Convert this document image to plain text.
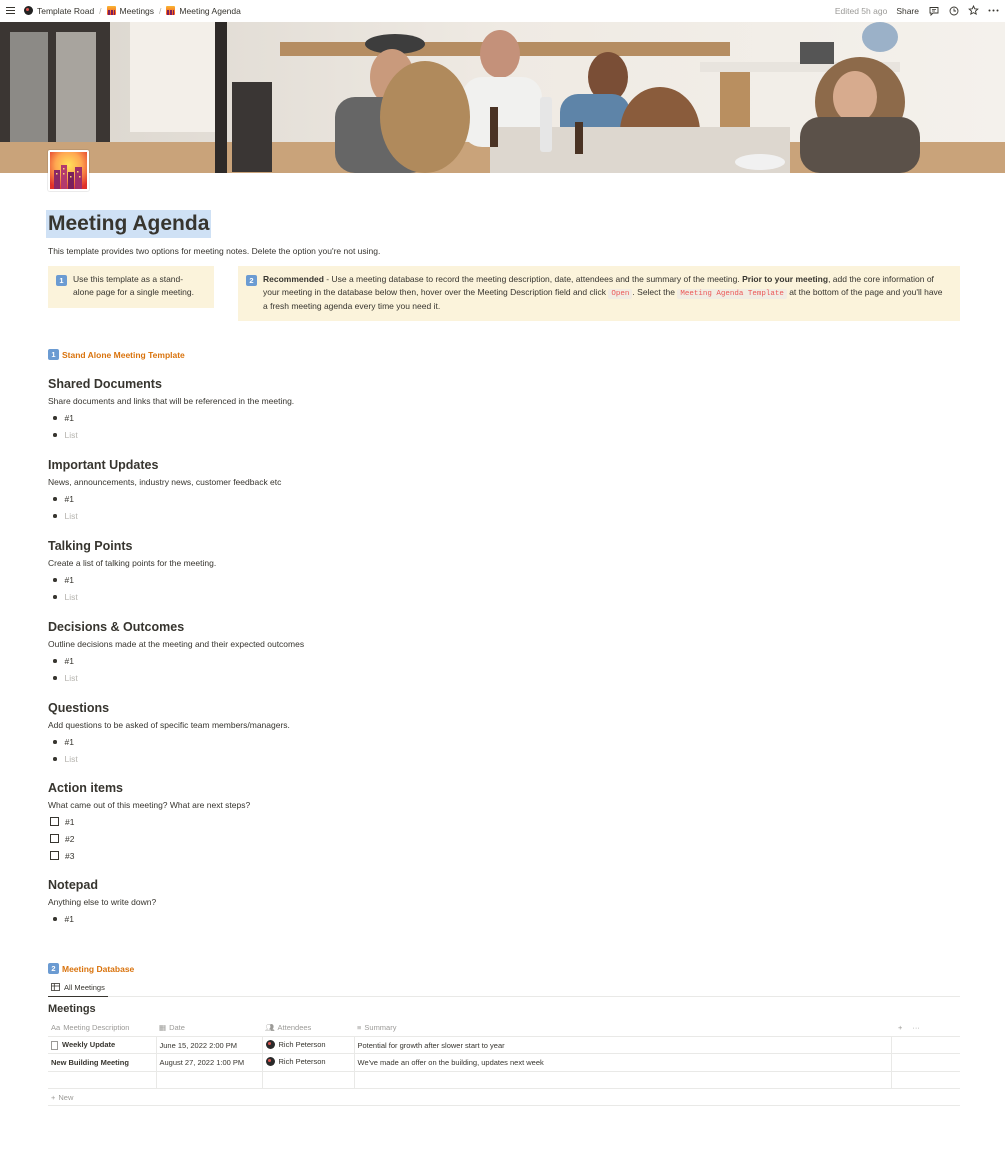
Template Road / Meetings / Meeting Agenda	Edited 5h ago Share
Meeting Agenda
This template provides two options for meeting notes. Delete the option you're not using.
1	Use this template as a stand-alone page for a single meeting.
2	Recommended - Use a meeting database to record the meeting description, date, attendees and the summary of the meeting. Prior to your meeting, add the core information of your meeting in the database below then, hover over the Meeting Description field and click Open . Select the Meeting Agenda Template at the bottom of the page and you'll have a fresh meeting agenda every time you need it.
1 Stand Alone Meeting Template
Shared Documents
Share documents and links that will be referenced in the meeting.
#1
List
Important Updates
News, announcements, industry news, customer feedback etc
#1
List
Talking Points
Create a list of talking points for the meeting.
#1
List
Decisions & Outcomes
Outline decisions made at the meeting and their expected outcomes
#1
List
Questions
Add questions to be asked of specific team members/managers.
#1
List
Action items
What came out of this meeting? What are next steps?
#1
#2
#3
Notepad
Anything else to write down?
#1
2 Meeting Database
All Meetings
Meetings
Aa Meeting Description	▦ Date	👥︎ Attendees	≡ Summary	+ ···
Weekly Update	June 15, 2022 2:00 PM	Rich Peterson	Potential for growth after slower start to year	
New Building Meeting	August 27, 2022 1:00 PM	Rich Peterson	We've made an offer on the building, updates next week	

+ New
